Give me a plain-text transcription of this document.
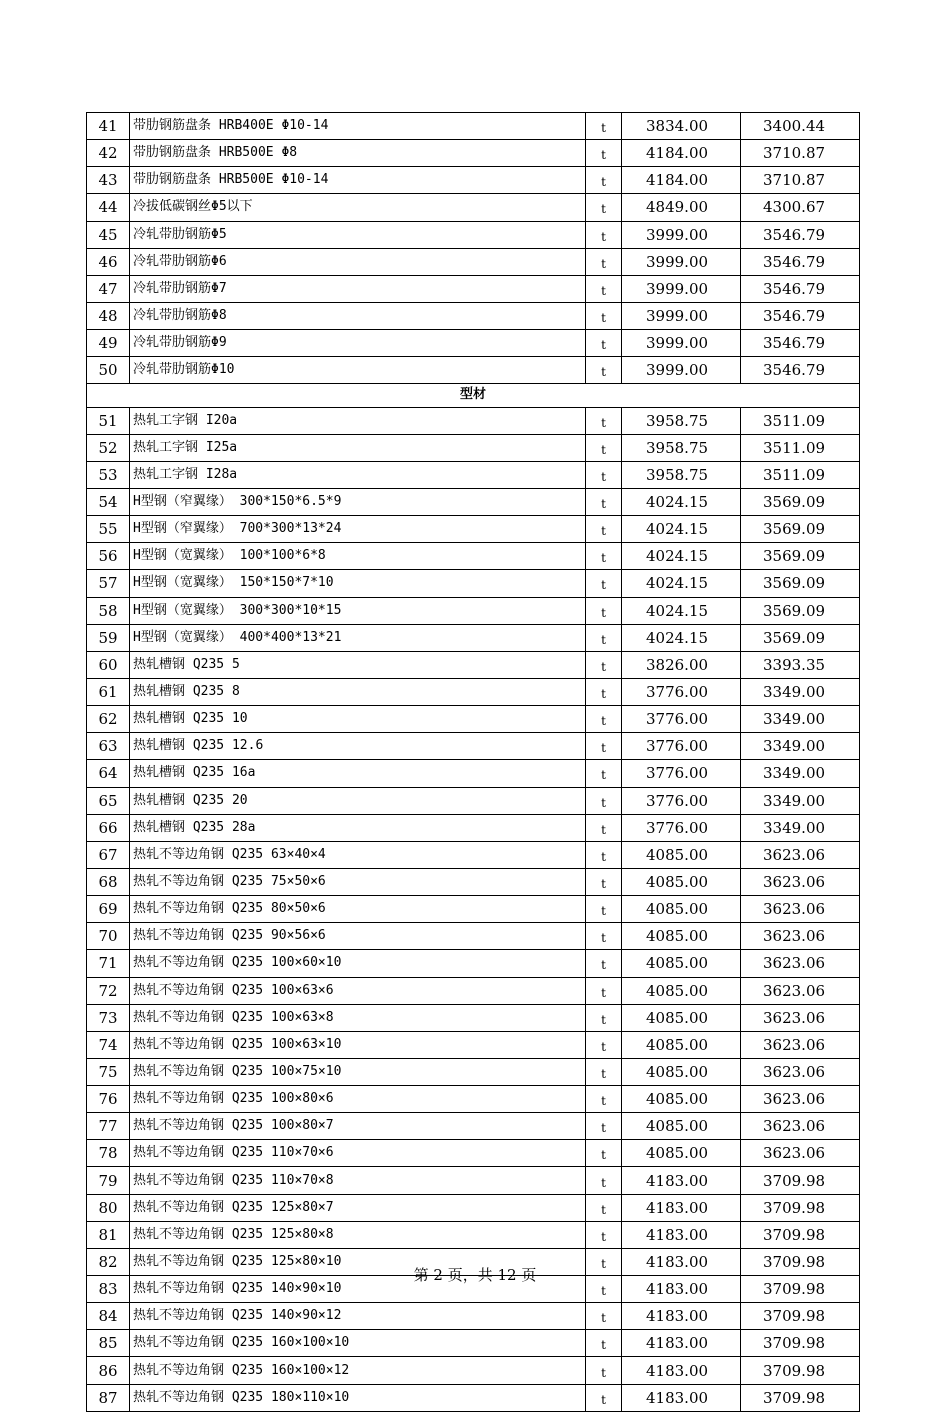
41	带肋钢筋盘条 HRB400E Φ10-14	t	3834.00	3400.44
42	带肋钢筋盘条 HRB500E Φ8	t	4184.00	3710.87
43	带肋钢筋盘条 HRB500E Φ10-14	t	4184.00	3710.87
44	冷拔低碳钢丝Φ5以下	t	4849.00	4300.67
45	冷轧带肋钢筋Φ5	t	3999.00	3546.79
46	冷轧带肋钢筋Φ6	t	3999.00	3546.79
47	冷轧带肋钢筋Φ7	t	3999.00	3546.79
48	冷轧带肋钢筋Φ8	t	3999.00	3546.79
49	冷轧带肋钢筋Φ9	t	3999.00	3546.79
50	冷轧带肋钢筋Φ10	t	3999.00	3546.79
型材				
51	热轧工字钢 I20a	t	3958.75	3511.09
52	热轧工字钢 I25a	t	3958.75	3511.09
53	热轧工字钢 I28a	t	3958.75	3511.09
54	H型钢（窄翼缘） 300*150*6.5*9	t	4024.15	3569.09
55	H型钢（窄翼缘） 700*300*13*24	t	4024.15	3569.09
56	H型钢（宽翼缘） 100*100*6*8	t	4024.15	3569.09
57	H型钢（宽翼缘） 150*150*7*10	t	4024.15	3569.09
58	H型钢（宽翼缘） 300*300*10*15	t	4024.15	3569.09
59	H型钢（宽翼缘） 400*400*13*21	t	4024.15	3569.09
60	热轧槽钢 Q235 5	t	3826.00	3393.35
61	热轧槽钢 Q235 8	t	3776.00	3349.00
62	热轧槽钢 Q235 10	t	3776.00	3349.00
63	热轧槽钢 Q235 12.6	t	3776.00	3349.00
64	热轧槽钢 Q235 16a	t	3776.00	3349.00
65	热轧槽钢 Q235 20	t	3776.00	3349.00
66	热轧槽钢 Q235 28a	t	3776.00	3349.00
67	热轧不等边角钢 Q235 63×40×4	t	4085.00	3623.06
68	热轧不等边角钢 Q235 75×50×6	t	4085.00	3623.06
69	热轧不等边角钢 Q235 80×50×6	t	4085.00	3623.06
70	热轧不等边角钢 Q235 90×56×6	t	4085.00	3623.06
71	热轧不等边角钢 Q235 100×60×10	t	4085.00	3623.06
72	热轧不等边角钢 Q235 100×63×6	t	4085.00	3623.06
73	热轧不等边角钢 Q235 100×63×8	t	4085.00	3623.06
74	热轧不等边角钢 Q235 100×63×10	t	4085.00	3623.06
75	热轧不等边角钢 Q235 100×75×10	t	4085.00	3623.06
76	热轧不等边角钢 Q235 100×80×6	t	4085.00	3623.06
77	热轧不等边角钢 Q235 100×80×7	t	4085.00	3623.06
78	热轧不等边角钢 Q235 110×70×6	t	4085.00	3623.06
79	热轧不等边角钢 Q235 110×70×8	t	4183.00	3709.98
80	热轧不等边角钢 Q235 125×80×7	t	4183.00	3709.98
81	热轧不等边角钢 Q235 125×80×8	t	4183.00	3709.98
82	热轧不等边角钢 Q235 125×80×10	t	4183.00	3709.98
83	热轧不等边角钢 Q235 140×90×10	t	4183.00	3709.98
84	热轧不等边角钢 Q235 140×90×12	t	4183.00	3709.98
85	热轧不等边角钢 Q235 160×100×10	t	4183.00	3709.98
86	热轧不等边角钢 Q235 160×100×12	t	4183.00	3709.98
87	热轧不等边角钢 Q235 180×110×10	t	4183.00	3709.98
第 2 页，共 12 页
